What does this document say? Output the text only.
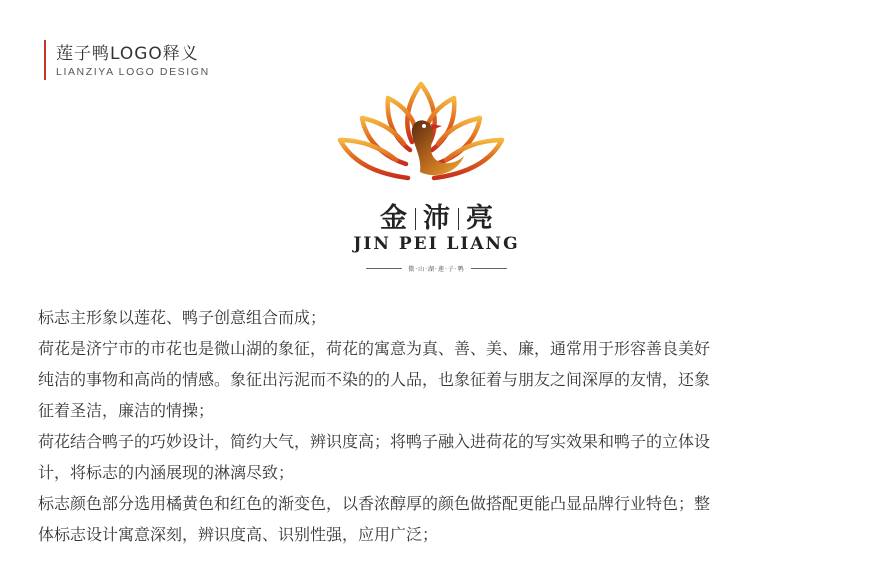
莲子鸭LOGO释义
LIANZIYA LOGO DESIGN
金 沛 亮
JIN PEI LIANG
微·山·湖·莲·子·鸭

标志主形象以莲花、鸭子创意组合而成；

荷花是济宁市的市花也是微山湖的象征，荷花的寓意为真、善、美、廉，通常用于形容善良美好

纯洁的事物和高尚的情感。象征出污泥而不染的的人品，也象征着与朋友之间深厚的友情，还象

征着圣洁，廉洁的情操；

荷花结合鸭子的巧妙设计，简约大气，辨识度高；将鸭子融入进荷花的写实效果和鸭子的立体设

计，将标志的内涵展现的淋漓尽致；

标志颜色部分选用橘黄色和红色的渐变色，以香浓醇厚的颜色做搭配更能凸显品牌行业特色；整

体标志设计寓意深刻，辨识度高、识别性强，应用广泛；
